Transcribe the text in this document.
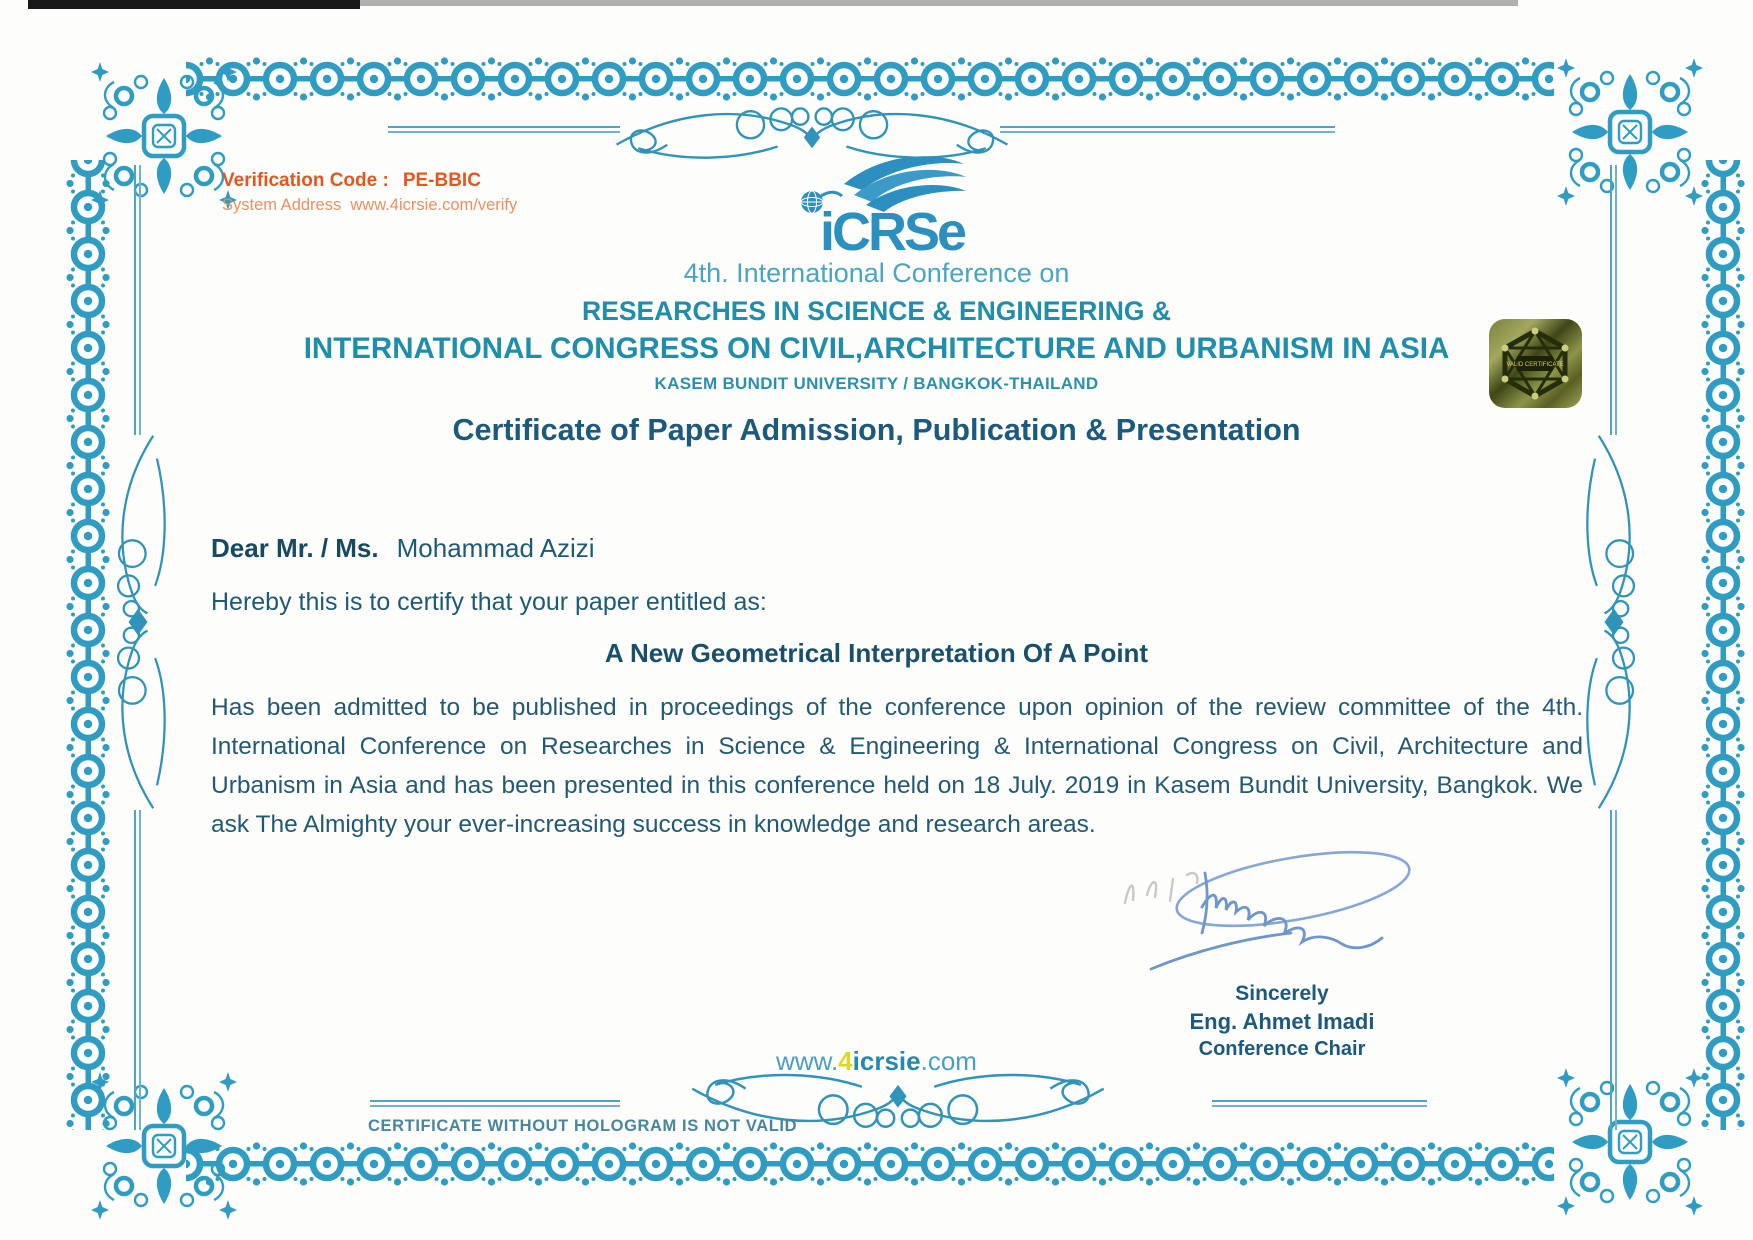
Verification Code : PE-BBIC
System Address www.4icrsie.com/verify	iCRSe
4th. International Conference on
RESEARCHES IN SCIENCE & ENGINEERING &
INTERNATIONAL CONGRESS ON CIVIL,ARCHITECTURE AND URBANISM IN ASIA
KASEM BUNDIT UNIVERSITY / BANGKOK-THAILAND
Certificate of Paper Admission, Publication & Presentation
VALID CERTIFICATE
Dear Mr. / Ms. Mohammad Azizi
Hereby this is to certify that your paper entitled as:
A New Geometrical Interpretation Of A Point
Has been admitted to be published in proceedings of the conference upon opinion of the review committee of the 4th. International Conference on Researches in Science & Engineering & International Congress on Civil, Architecture and Urbanism in Asia and has been presented in this conference held on 18 July. 2019 in Kasem Bundit University, Bangkok. We ask The Almighty your ever-increasing success in knowledge and research areas.
Sincerely
Eng. Ahmet Imadi
Conference Chair
www.4icrsie.com
CERTIFICATE WITHOUT HOLOGRAM IS NOT VALID
